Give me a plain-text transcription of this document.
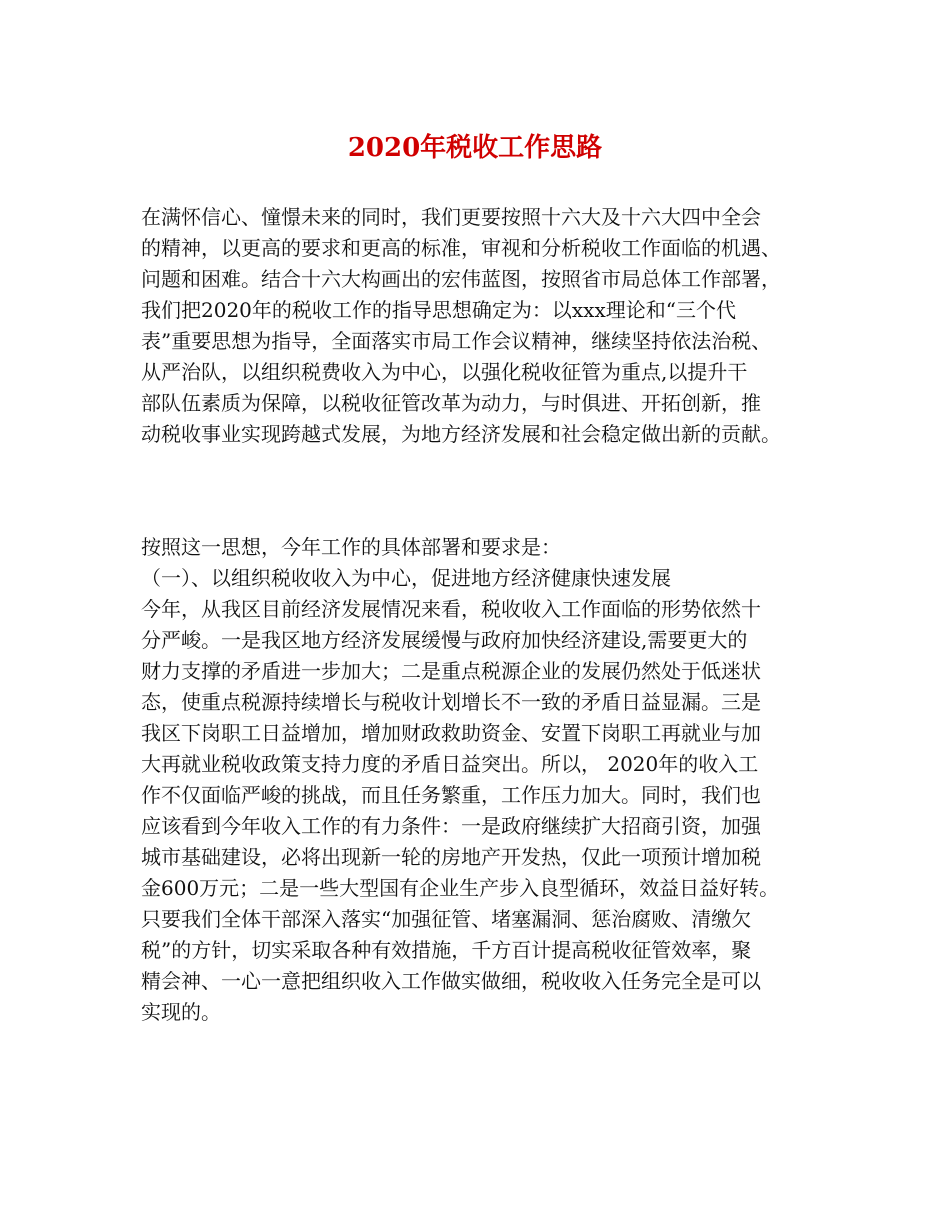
2020年税收工作思路
在满怀信心、憧憬未来的同时，我们更要按照十六大及十六大四中全会
的精神，以更高的要求和更高的标准，审视和分析税收工作面临的机遇、
问题和困难。结合十六大构画出的宏伟蓝图，按照省市局总体工作部署，
我们把2020年的税收工作的指导思想确定为：以xxx理论和“三个代
表”重要思想为指导，全面落实市局工作会议精神，继续坚持依法治税、
从严治队，以组织税费收入为中心，以强化税收征管为重点,以提升干
部队伍素质为保障，以税收征管改革为动力，与时俱进、开拓创新，推
动税收事业实现跨越式发展，为地方经济发展和社会稳定做出新的贡献。
按照这一思想，今年工作的具体部署和要求是：
（一）、以组织税收收入为中心，促进地方经济健康快速发展
今年，从我区目前经济发展情况来看，税收收入工作面临的形势依然十
分严峻。一是我区地方经济发展缓慢与政府加快经济建设,需要更大的
财力支撑的矛盾进一步加大；二是重点税源企业的发展仍然处于低迷状
态，使重点税源持续增长与税收计划增长不一致的矛盾日益显漏。三是
我区下岗职工日益增加，增加财政救助资金、安置下岗职工再就业与加
大再就业税收政策支持力度的矛盾日益突出。所以， 2020年的收入工
作不仅面临严峻的挑战，而且任务繁重，工作压力加大。同时，我们也
应该看到今年收入工作的有力条件：一是政府继续扩大招商引资，加强
城市基础建设，必将出现新一轮的房地产开发热，仅此一项预计增加税
金600万元；二是一些大型国有企业生产步入良型循环，效益日益好转。
只要我们全体干部深入落实“加强征管、堵塞漏洞、惩治腐败、清缴欠
税”的方针，切实采取各种有效措施，千方百计提高税收征管效率，聚
精会神、一心一意把组织收入工作做实做细，税收收入任务完全是可以
实现的。
